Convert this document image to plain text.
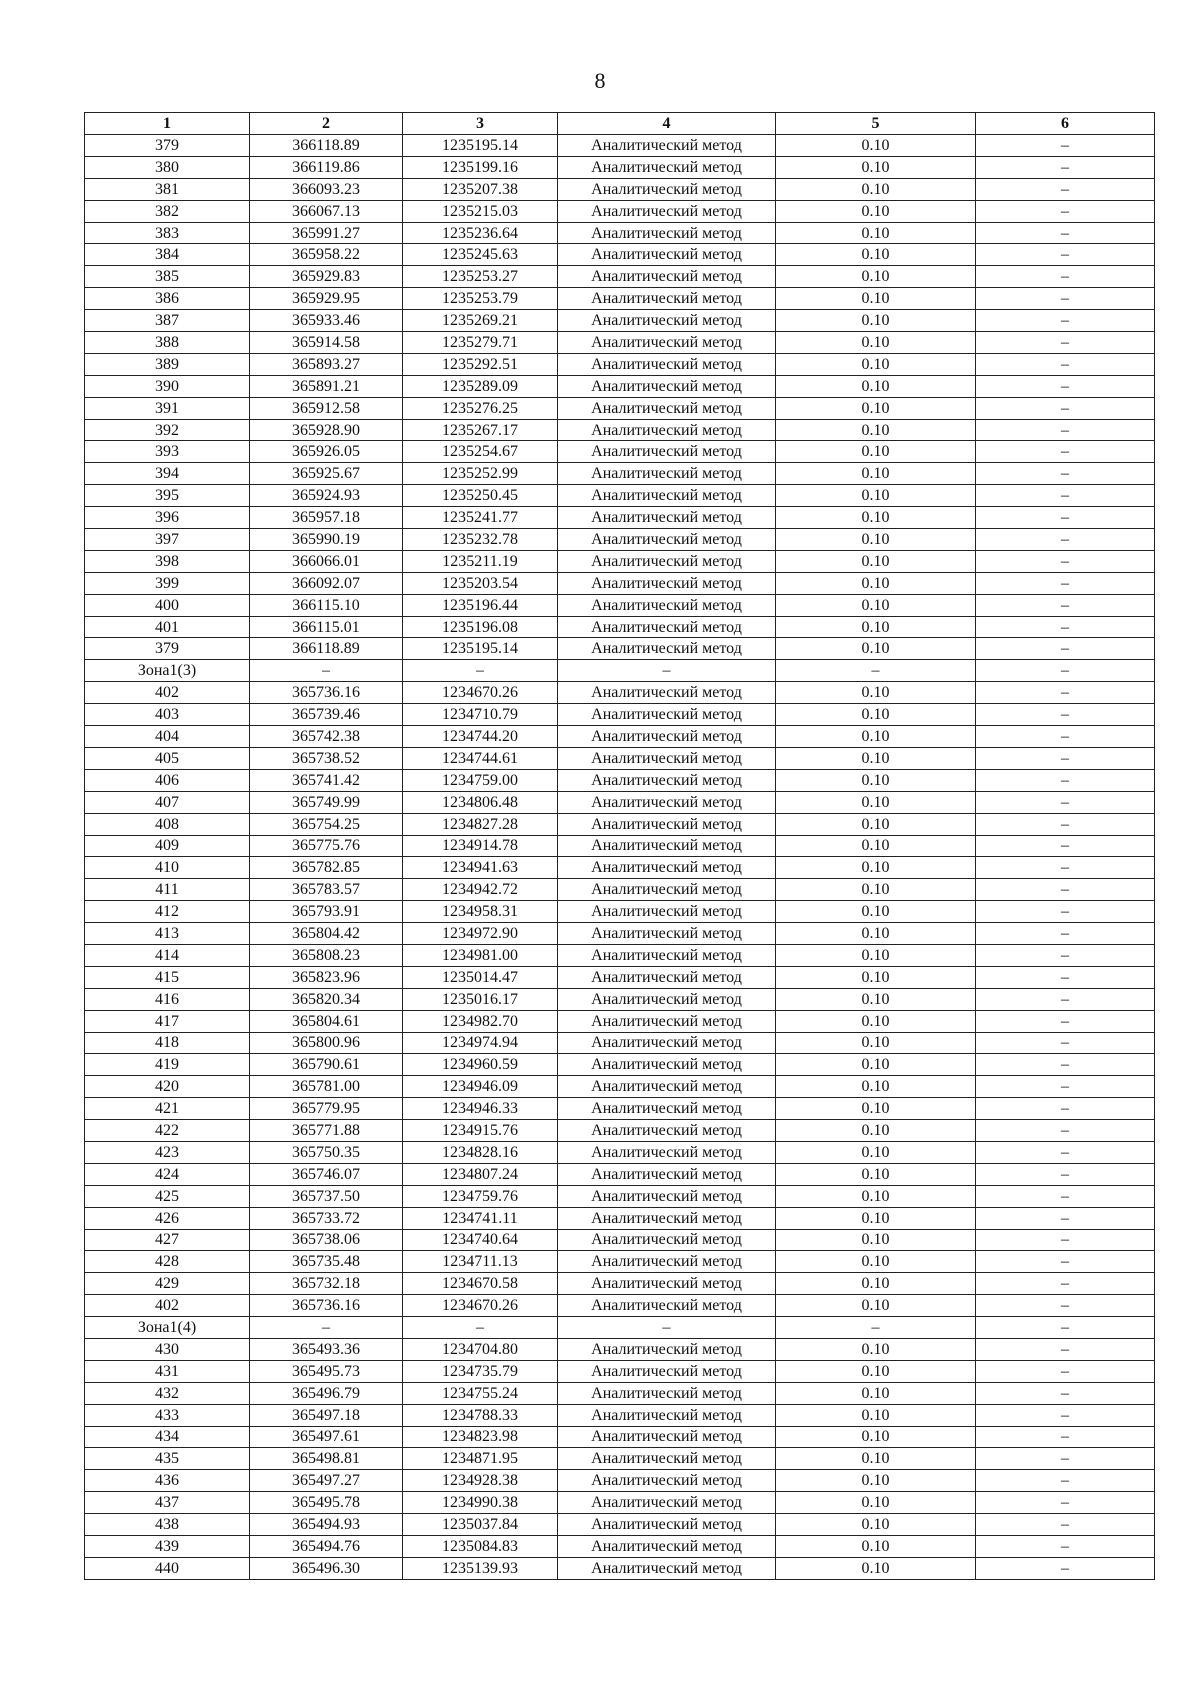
8
1	2	3	4	5	6
379	366118.89	1235195.14	Аналитический метод	0.10	–
380	366119.86	1235199.16	Аналитический метод	0.10	–
381	366093.23	1235207.38	Аналитический метод	0.10	–
382	366067.13	1235215.03	Аналитический метод	0.10	–
383	365991.27	1235236.64	Аналитический метод	0.10	–
384	365958.22	1235245.63	Аналитический метод	0.10	–
385	365929.83	1235253.27	Аналитический метод	0.10	–
386	365929.95	1235253.79	Аналитический метод	0.10	–
387	365933.46	1235269.21	Аналитический метод	0.10	–
388	365914.58	1235279.71	Аналитический метод	0.10	–
389	365893.27	1235292.51	Аналитический метод	0.10	–
390	365891.21	1235289.09	Аналитический метод	0.10	–
391	365912.58	1235276.25	Аналитический метод	0.10	–
392	365928.90	1235267.17	Аналитический метод	0.10	–
393	365926.05	1235254.67	Аналитический метод	0.10	–
394	365925.67	1235252.99	Аналитический метод	0.10	–
395	365924.93	1235250.45	Аналитический метод	0.10	–
396	365957.18	1235241.77	Аналитический метод	0.10	–
397	365990.19	1235232.78	Аналитический метод	0.10	–
398	366066.01	1235211.19	Аналитический метод	0.10	–
399	366092.07	1235203.54	Аналитический метод	0.10	–
400	366115.10	1235196.44	Аналитический метод	0.10	–
401	366115.01	1235196.08	Аналитический метод	0.10	–
379	366118.89	1235195.14	Аналитический метод	0.10	–
Зона1(3)	–	–	–	–	–
402	365736.16	1234670.26	Аналитический метод	0.10	–
403	365739.46	1234710.79	Аналитический метод	0.10	–
404	365742.38	1234744.20	Аналитический метод	0.10	–
405	365738.52	1234744.61	Аналитический метод	0.10	–
406	365741.42	1234759.00	Аналитический метод	0.10	–
407	365749.99	1234806.48	Аналитический метод	0.10	–
408	365754.25	1234827.28	Аналитический метод	0.10	–
409	365775.76	1234914.78	Аналитический метод	0.10	–
410	365782.85	1234941.63	Аналитический метод	0.10	–
411	365783.57	1234942.72	Аналитический метод	0.10	–
412	365793.91	1234958.31	Аналитический метод	0.10	–
413	365804.42	1234972.90	Аналитический метод	0.10	–
414	365808.23	1234981.00	Аналитический метод	0.10	–
415	365823.96	1235014.47	Аналитический метод	0.10	–
416	365820.34	1235016.17	Аналитический метод	0.10	–
417	365804.61	1234982.70	Аналитический метод	0.10	–
418	365800.96	1234974.94	Аналитический метод	0.10	–
419	365790.61	1234960.59	Аналитический метод	0.10	–
420	365781.00	1234946.09	Аналитический метод	0.10	–
421	365779.95	1234946.33	Аналитический метод	0.10	–
422	365771.88	1234915.76	Аналитический метод	0.10	–
423	365750.35	1234828.16	Аналитический метод	0.10	–
424	365746.07	1234807.24	Аналитический метод	0.10	–
425	365737.50	1234759.76	Аналитический метод	0.10	–
426	365733.72	1234741.11	Аналитический метод	0.10	–
427	365738.06	1234740.64	Аналитический метод	0.10	–
428	365735.48	1234711.13	Аналитический метод	0.10	–
429	365732.18	1234670.58	Аналитический метод	0.10	–
402	365736.16	1234670.26	Аналитический метод	0.10	–
Зона1(4)	–	–	–	–	–
430	365493.36	1234704.80	Аналитический метод	0.10	–
431	365495.73	1234735.79	Аналитический метод	0.10	–
432	365496.79	1234755.24	Аналитический метод	0.10	–
433	365497.18	1234788.33	Аналитический метод	0.10	–
434	365497.61	1234823.98	Аналитический метод	0.10	–
435	365498.81	1234871.95	Аналитический метод	0.10	–
436	365497.27	1234928.38	Аналитический метод	0.10	–
437	365495.78	1234990.38	Аналитический метод	0.10	–
438	365494.93	1235037.84	Аналитический метод	0.10	–
439	365494.76	1235084.83	Аналитический метод	0.10	–
440	365496.30	1235139.93	Аналитический метод	0.10	–
